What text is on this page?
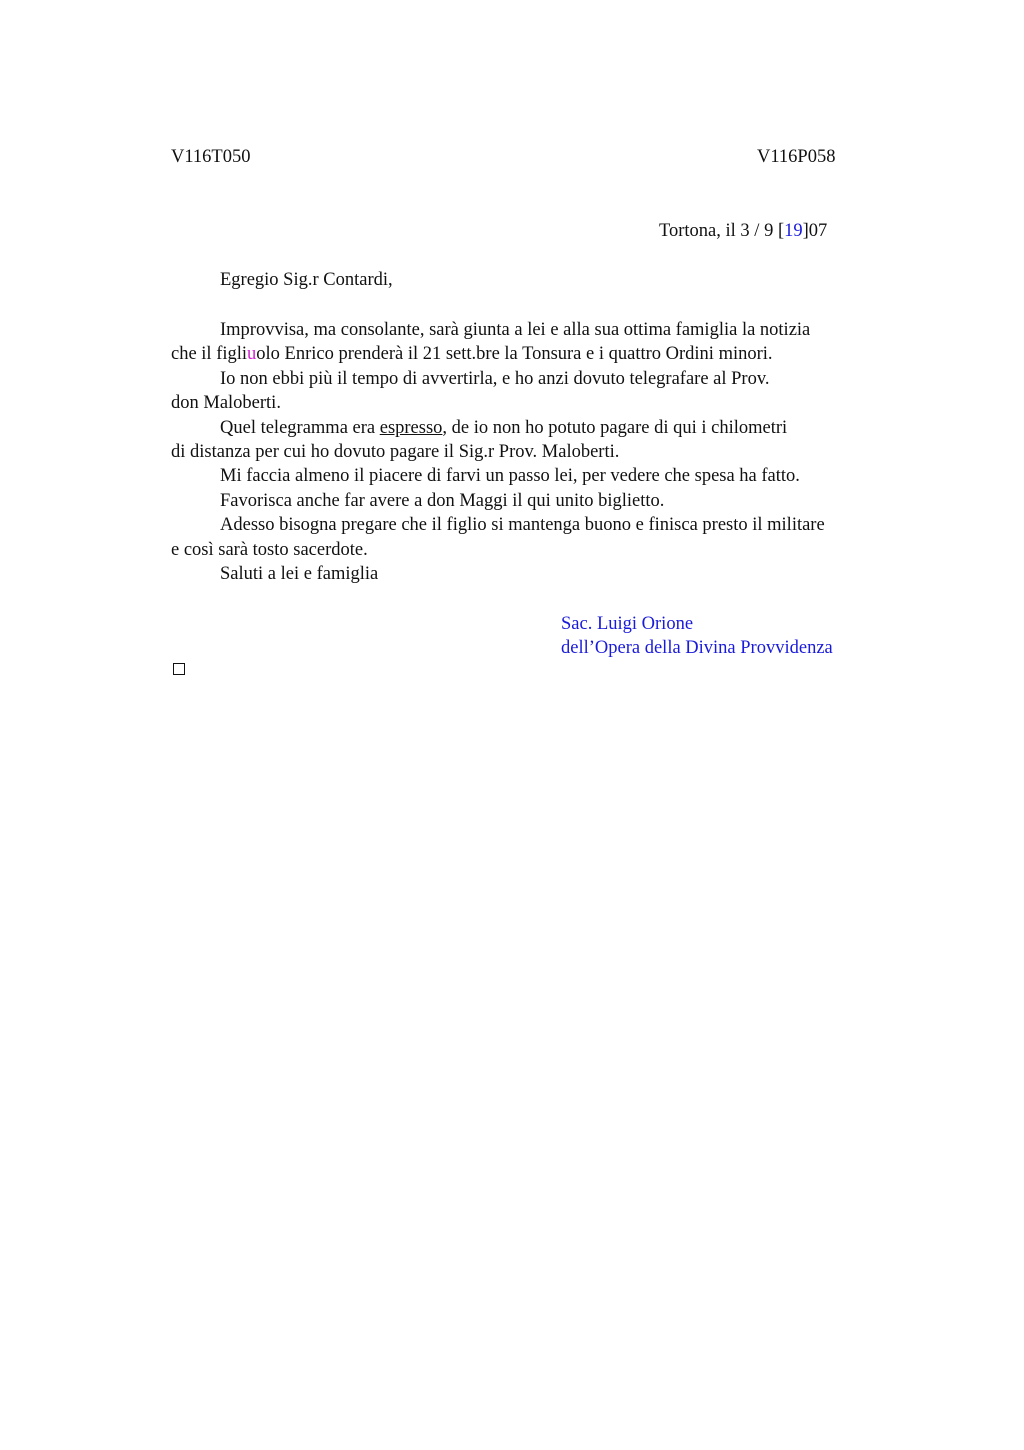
V116T050	V116P058
Tortona, il 3 / 9 [19]07
Egregio Sig.r Contardi,
Improvvisa, ma consolante, sarà giunta a lei e alla sua ottima famiglia la notizia
che il figliuolo Enrico prenderà il 21 sett.bre la Tonsura e i quattro Ordini minori.
Io non ebbi più il tempo di avvertirla, e ho anzi dovuto telegrafare al Prov.
don Maloberti.
Quel telegramma era espresso, de io non ho potuto pagare di qui i chilometri
di distanza per cui ho dovuto pagare il Sig.r Prov. Maloberti.
Mi faccia almeno il piacere di farvi un passo lei, per vedere che spesa ha fatto.
Favorisca anche far avere a don Maggi il qui unito biglietto.
Adesso bisogna pregare che il figlio si mantenga buono e finisca presto il militare
e così sarà tosto sacerdote.
Saluti a lei e famiglia
Sac. Luigi Orione
dell’Opera della Divina Provvidenza
